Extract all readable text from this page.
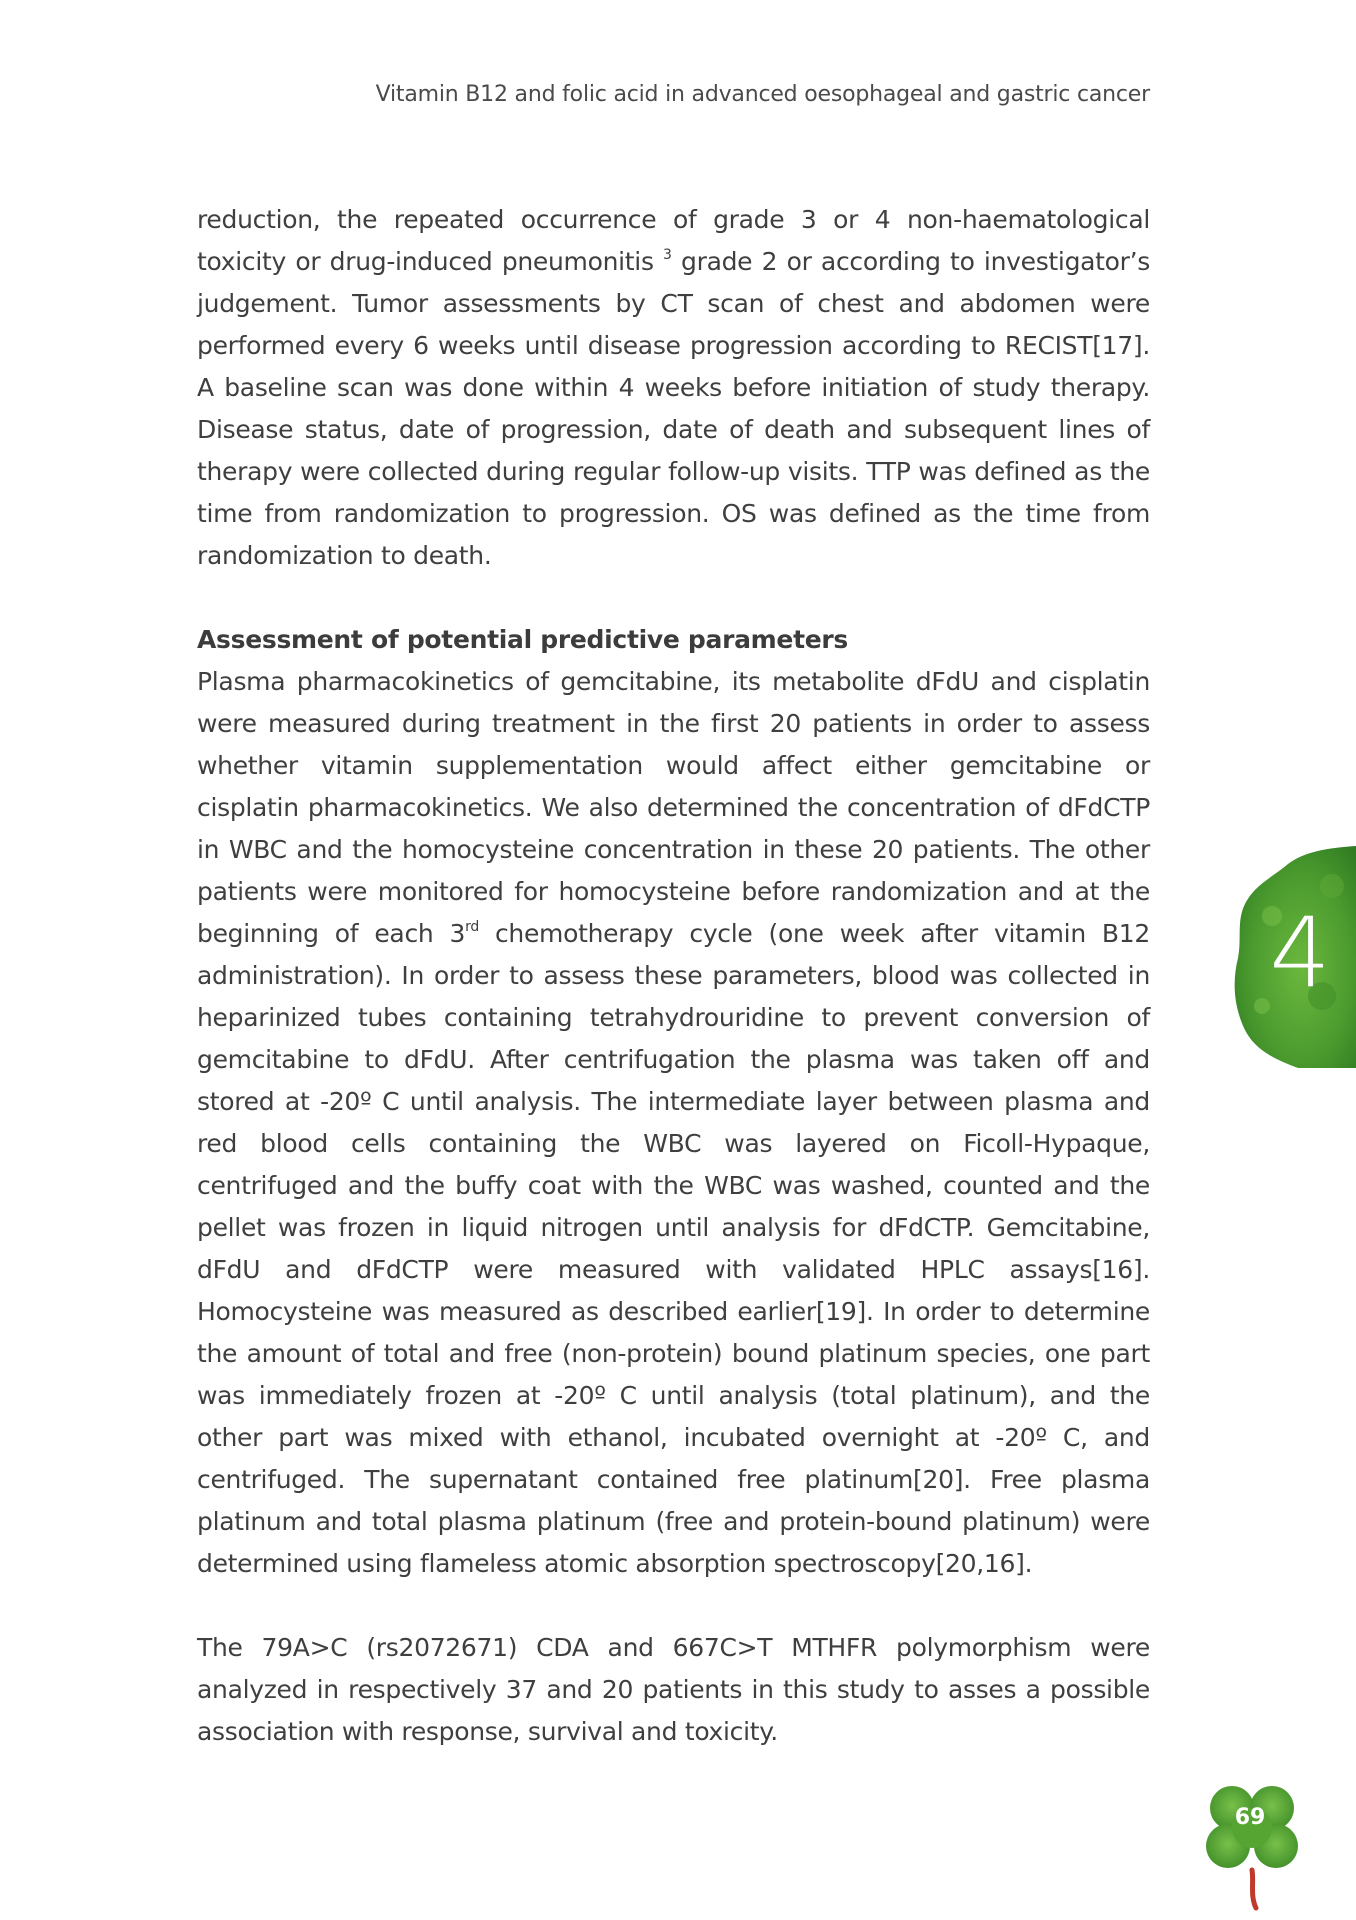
Vitamin B12 and folic acid in advanced oesophageal and gastric cancer

reduction, the repeated occurrence of grade 3 or 4 non-haematological toxicity or drug-induced pneumonitis $^3$ grade 2 or according to investigator’s judgement. Tumor assessments by CT scan of chest and abdomen were performed every 6 weeks until disease progression according to RECIST[17]. A baseline scan was done within 4 weeks before initiation of study therapy. Disease status, date of progression, date of death and subsequent lines of therapy were collected during regular follow-up visits. TTP was defined as the time from randomization to progression. OS was defined as the time from randomization to death.

Assessment of potential predictive parameters

Plasma pharmacokinetics of gemcitabine, its metabolite dFdU and cisplatin were measured during treatment in the first 20 patients in order to assess whether vitamin supplementation would affect either gemcitabine or cisplatin pharmacokinetics. We also determined the concentration of dFdCTP in WBC and the homocysteine concentration in these 20 patients. The other patients were monitored for homocysteine before randomization and at the beginning of each 3rd chemotherapy cycle (one week after vitamin B12 administration). In order to assess these parameters, blood was collected in heparinized tubes containing tetrahydrouridine to prevent conversion of gemcitabine to dFdU. After centrifugation the plasma was taken off and stored at -20º C until analysis. The intermediate layer between plasma and red blood cells containing the WBC was layered on Ficoll-Hypaque, centrifuged and the buffy coat with the WBC was washed, counted and the pellet was frozen in liquid nitrogen until analysis for dFdCTP. Gemcitabine, dFdU and dFdCTP were measured with validated HPLC assays[16]. Homocysteine was measured as described earlier[19]. In order to determine the amount of total and free (non-protein) bound platinum species, one part was immediately frozen at -20º C until analysis (total platinum), and the other part was mixed with ethanol, incubated overnight at -20º C, and centrifuged. The supernatant contained free platinum[20]. Free plasma platinum and total plasma platinum (free and protein-bound platinum) were determined using flameless atomic absorption spectroscopy[20,16].

The 79A>C (rs2072671) CDA and 667C>T MTHFR polymorphism were analyzed in respectively 37 and 20 patients in this study to asses a possible association with response, survival and toxicity.

4
69
